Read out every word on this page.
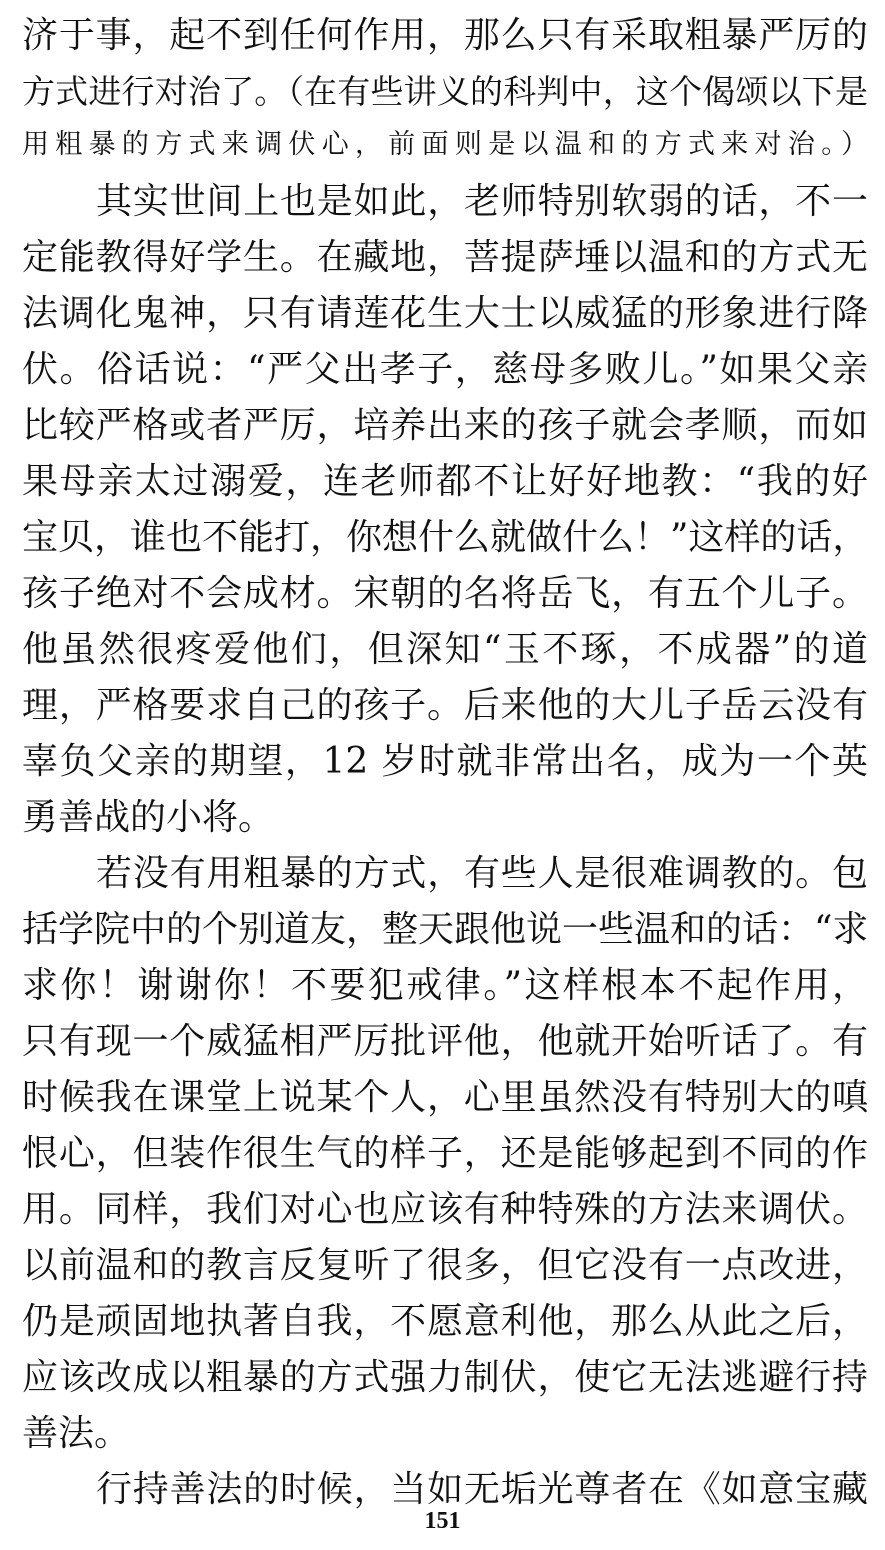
济于事，起不到任何作用，那么只有采取粗暴严厉的
方式进行对治了。（在有些讲义的科判中，这个偈颂以下是
用粗暴的方式来调伏心，前面则是以温和的方式来对治。）
其实世间上也是如此，老师特别软弱的话，不一
定能教得好学生。在藏地，菩提萨埵以温和的方式无
法调化鬼神，只有请莲花生大士以威猛的形象进行降
伏。俗话说：“严父出孝子，慈母多败儿。”如果父亲
比较严格或者严厉，培养出来的孩子就会孝顺，而如
果母亲太过溺爱，连老师都不让好好地教：“我的好
宝贝，谁也不能打，你想什么就做什么！”这样的话，
孩子绝对不会成材。宋朝的名将岳飞，有五个儿子。
他虽然很疼爱他们，但深知“玉不琢，不成器”的道
理，严格要求自己的孩子。后来他的大儿子岳云没有
辜负父亲的期望，12 岁时就非常出名，成为一个英
勇善战的小将。
若没有用粗暴的方式，有些人是很难调教的。包
括学院中的个别道友，整天跟他说一些温和的话：“求
求你！谢谢你！不要犯戒律。”这样根本不起作用，
只有现一个威猛相严厉批评他，他就开始听话了。有
时候我在课堂上说某个人，心里虽然没有特别大的嗔
恨心，但装作很生气的样子，还是能够起到不同的作
用。同样，我们对心也应该有种特殊的方法来调伏。
以前温和的教言反复听了很多，但它没有一点改进，
仍是顽固地执著自我，不愿意利他，那么从此之后，
应该改成以粗暴的方式强力制伏，使它无法逃避行持
善法。
行持善法的时候，当如无垢光尊者在《如意宝藏
151
